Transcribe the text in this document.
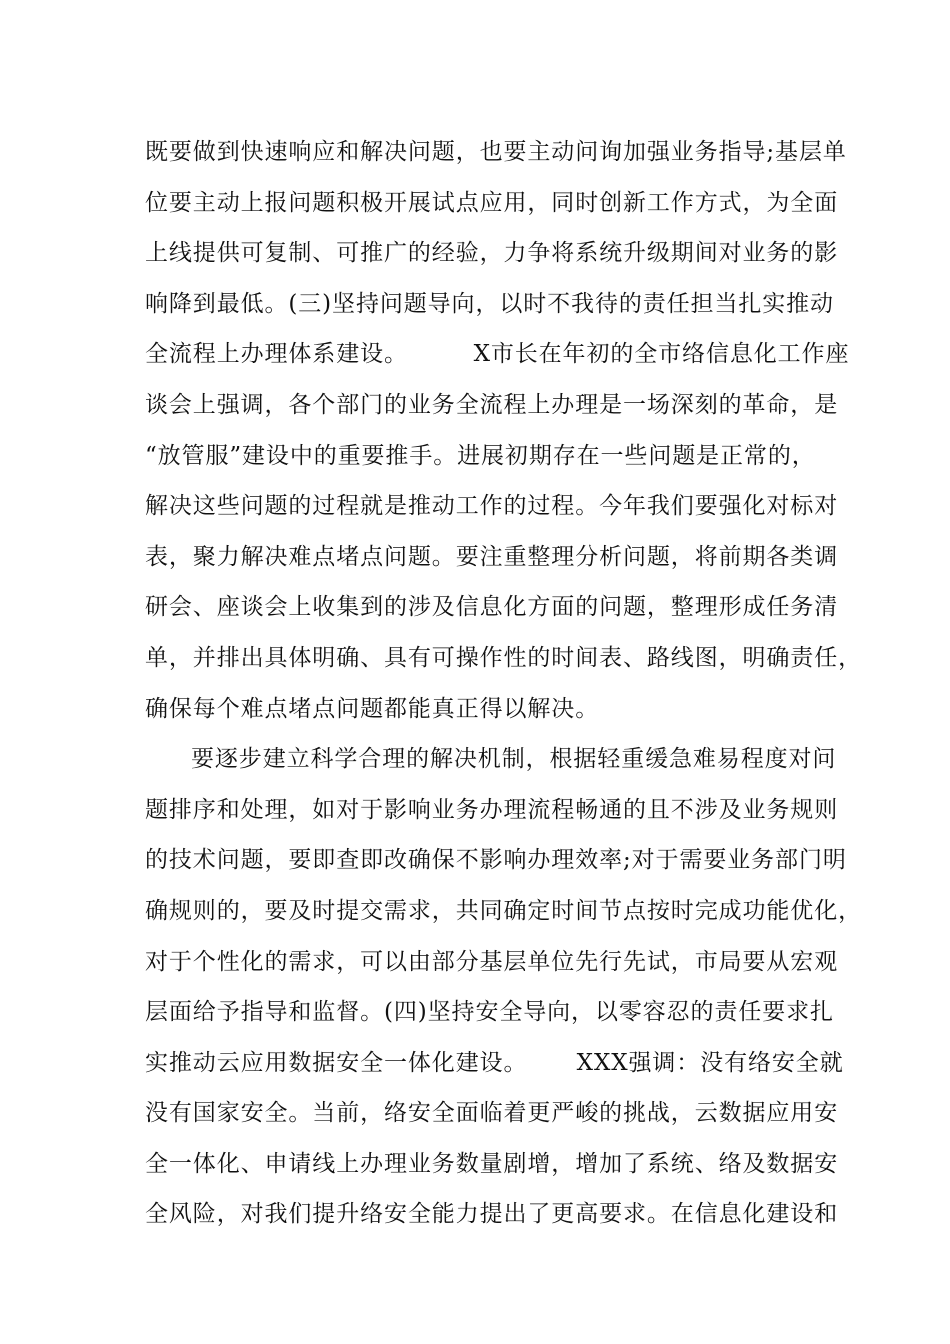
既要做到快速响应和解决问题，也要主动问询加强业务指导;基层单
位要主动上报问题积极开展试点应用，同时创新工作方式，为全面
上线提供可复制、可推广的经验，力争将系统升级期间对业务的影
响降到最低。(三)坚持问题导向，以时不我待的责任担当扎实推动
全流程上办理体系建设。        X市长在年初的全市络信息化工作座
谈会上强调，各个部门的业务全流程上办理是一场深刻的革命，是
“放管服”建设中的重要推手。进展初期存在一些问题是正常的，
解决这些问题的过程就是推动工作的过程。今年我们要强化对标对
表，聚力解决难点堵点问题。要注重整理分析问题，将前期各类调
研会、座谈会上收集到的涉及信息化方面的问题，整理形成任务清
单，并排出具体明确、具有可操作性的时间表、路线图，明确责任，
确保每个难点堵点问题都能真正得以解决。
要逐步建立科学合理的解决机制，根据轻重缓急难易程度对问
题排序和处理，如对于影响业务办理流程畅通的且不涉及业务规则
的技术问题，要即查即改确保不影响办理效率;对于需要业务部门明
确规则的，要及时提交需求，共同确定时间节点按时完成功能优化，
对于个性化的需求，可以由部分基层单位先行先试，市局要从宏观
层面给予指导和监督。(四)坚持安全导向，以零容忍的责任要求扎
实推动云应用数据安全一体化建设。      XXX强调：没有络安全就
没有国家安全。当前，络安全面临着更严峻的挑战，云数据应用安
全一体化、申请线上办理业务数量剧增，增加了系统、络及数据安
全风险，对我们提升络安全能力提出了更高要求。在信息化建设和
